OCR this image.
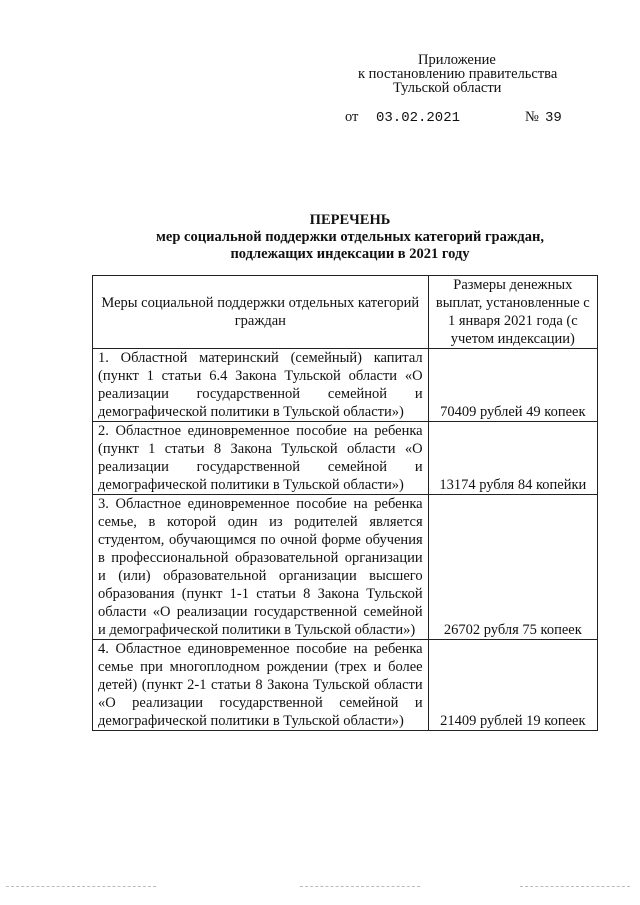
Приложение
к постановлению правительства
Тульской области
от 03.02.2021	№ 39
ПЕРЕЧЕНЬ
мер социальной поддержки отдельных категорий граждан,
подлежащих индексации в 2021 году
Меры социальной поддержки отдельных категорий граждан	Размеры денежных выплат, установленные с 1 января 2021 года (с учетом индексации)
1. Областной материнский (семейный) капитал (пункт 1 статьи 6.4 Закона Тульской области «О реализации государственной семейной и демографической политики в Тульской области»)	70409 рублей 49 копеек
2. Областное единовременное пособие на ребенка (пункт 1 статьи 8 Закона Тульской области «О реализации государственной семейной и демографической политики в Тульской области»)	13174 рубля 84 копейки
3. Областное единовременное пособие на ребенка семье, в которой один из родителей является студентом, обучающимся по очной форме обучения в профессиональной образовательной организации и (или) образовательной организации высшего образования (пункт 1-1 статьи 8 Закона Тульской области «О реализации государственной семейной и демографической политики в Тульской области»)	26702 рубля 75 копеек
4. Областное единовременное пособие на ребенка семье при многоплодном рождении (трех и более детей) (пункт 2-1 статьи 8 Закона Тульской области «О реализации государственной семейной и демографической политики в Тульской области»)	21409 рублей 19 копеек
